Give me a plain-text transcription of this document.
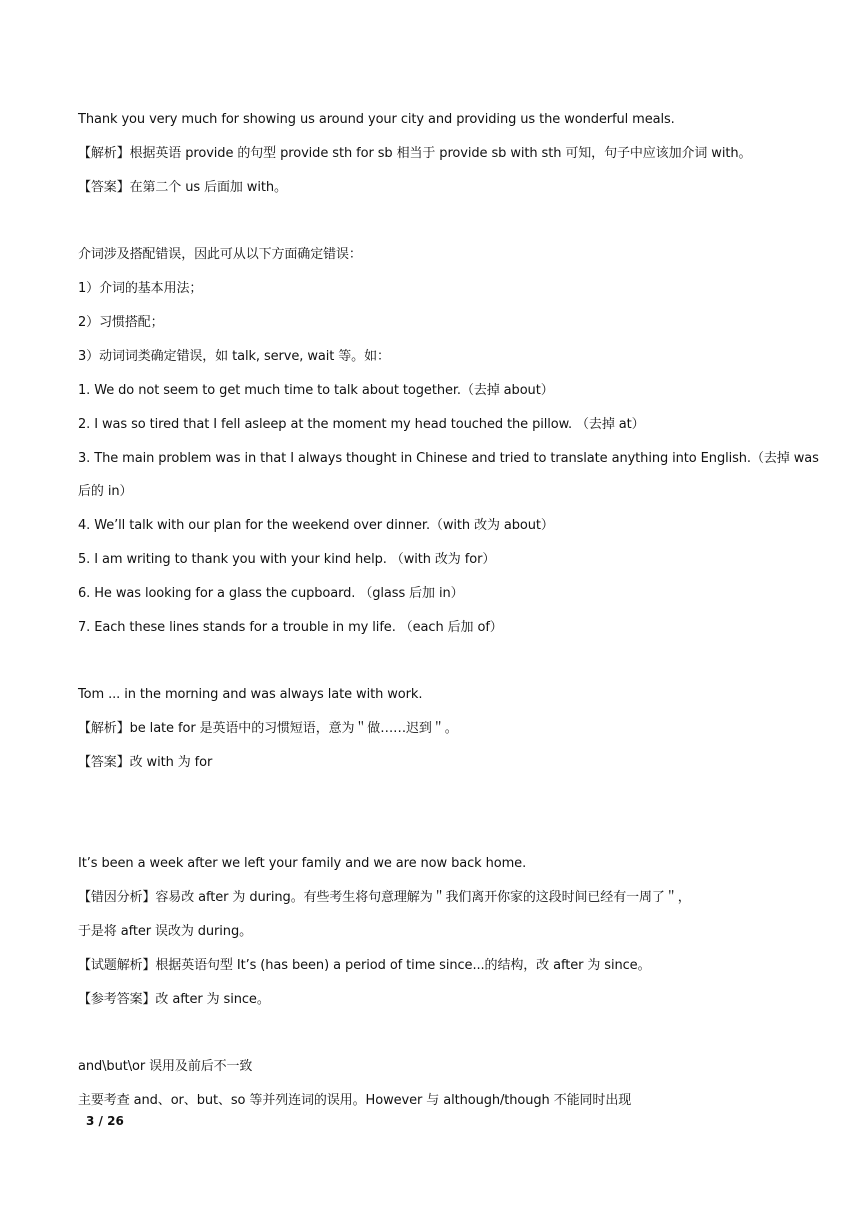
Thank you very much for showing us around your city and providing us the wonderful meals.
【解析】根据英语 provide 的句型 provide sth for sb 相当于 provide sb with sth 可知，句子中应该加介词 with。
【答案】在第二个 us 后面加 with。
介词涉及搭配错误，因此可从以下方面确定错误：
1）介词的基本用法；
2）习惯搭配；
3）动词词类确定错误，如 talk, serve, wait 等。如：
1. We do not seem to get much time to talk about together.（去掉 about）
2. I was so tired that I fell asleep at the moment my head touched the pillow. （去掉 at）
3. The main problem was in that I always thought in Chinese and tried to translate anything into English.（去掉 was
后的 in）
4. We’ll talk with our plan for the weekend over dinner.（with 改为 about）
5. I am writing to thank you with your kind help. （with 改为 for）
6. He was looking for a glass the cupboard. （glass 后加 in）
7. Each these lines stands for a trouble in my life. （each 后加 of）
Tom ... in the morning and was always late with work.
【解析】be late for 是英语中的习惯短语，意为＂做……迟到＂。
【答案】改 with 为 for
It’s been a week after we left your family and we are now back home.
【错因分析】容易改 after 为 during。有些考生将句意理解为＂我们离开你家的这段时间已经有一周了＂，
于是将 after 误改为 during。
【试题解析】根据英语句型 It’s (has been) a period of time since...的结构，改 after 为 since。
【参考答案】改 after 为 since。
and\but\or 误用及前后不一致
主要考查 and、or、but、so 等并列连词的误用。However 与 although/though 不能同时出现
3 / 26
